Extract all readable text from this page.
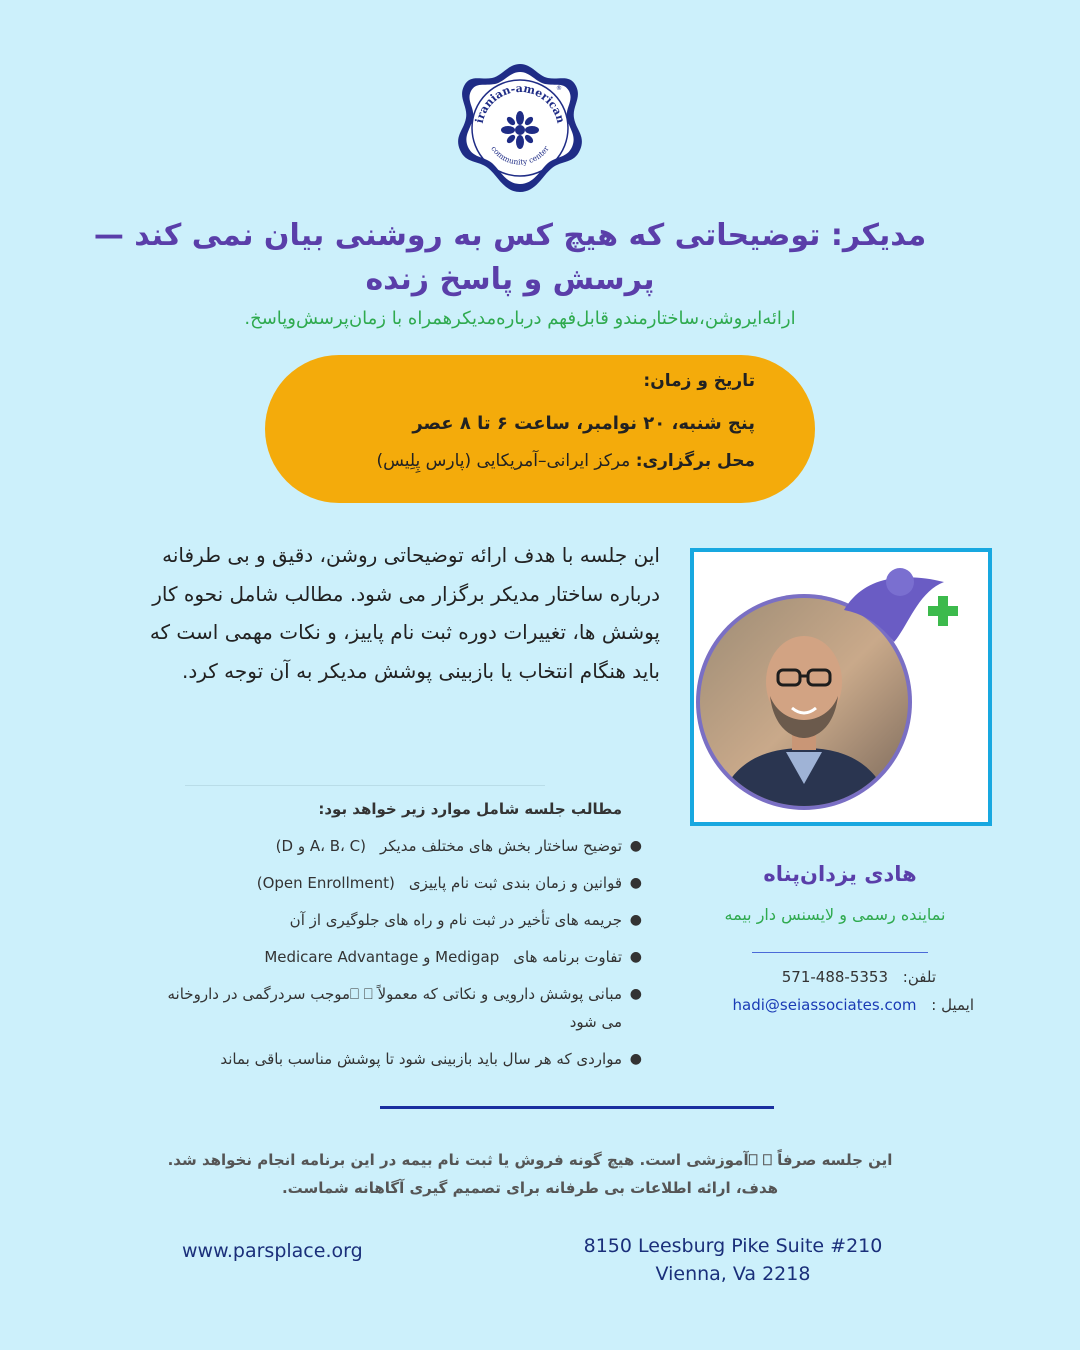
iranian-american
community center
®
مدیکر: توضیحاتی که هیچ کس به روشنی بیان نمی کند —
پرسش و پاسخ زنده
ارائه‌ایروشن،ساختارمندو قابل‌فهم درباره‌مدیکرهمراه با زمان‌پرسش‌وپاسخ.
تاریخ و زمان:
پنج شنبه، ۲۰ نوامبر، ساعت ۶ تا ۸ عصر
محل برگزاری: مرکز ایرانی–آمریکایی (پارس پِلِیس)
این جلسه با هدف ارائه توضیحاتی روشن، دقیق و بی طرفانه درباره ساختار مدیکر برگزار می شود. مطالب شامل نحوه کار پوشش ها، تغییرات دوره ثبت نام پاییز، و نکات مهمی است که باید هنگام انتخاب یا بازبینی پوشش مدیکر به آن توجه کرد.
مطالب جلسه شامل موارد زیر خواهد بود:
●
توضیح ساختار بخش های مختلف مدیکر(D و A، B، C)
●
قوانین و زمان بندی ثبت نام پاییزی(Open Enrollment)
●
جریمه های تأخیر در ثبت نام و راه های جلوگیری از آن
●
تفاوت برنامه هایMedicare Advantage و Medigap
●
مبانی پوشش دارویی و نکاتی که معمولاً ⎕ ⎕موجب سردرگمی در داروخانه می شود
●
مواردی که هر سال باید بازبینی شود تا پوشش مناسب باقی بماند
هادی یزدان‌پناه
نماینده رسمی و لایسنس دار بیمه
571-488-5353 تلفن:
hadi@seiassociates.com ایمیل :
این جلسه صرفاً ⎕ ⎕آموزشی است. هیچ گونه فروش یا ثبت نام بیمه در این برنامه انجام نخواهد شد.
هدف، ارائه اطلاعات بی طرفانه برای تصمیم گیری آگاهانه شماست.
www.parsplace.org	8150 Leesburg Pike Suite #210
Vienna, Va 2218
